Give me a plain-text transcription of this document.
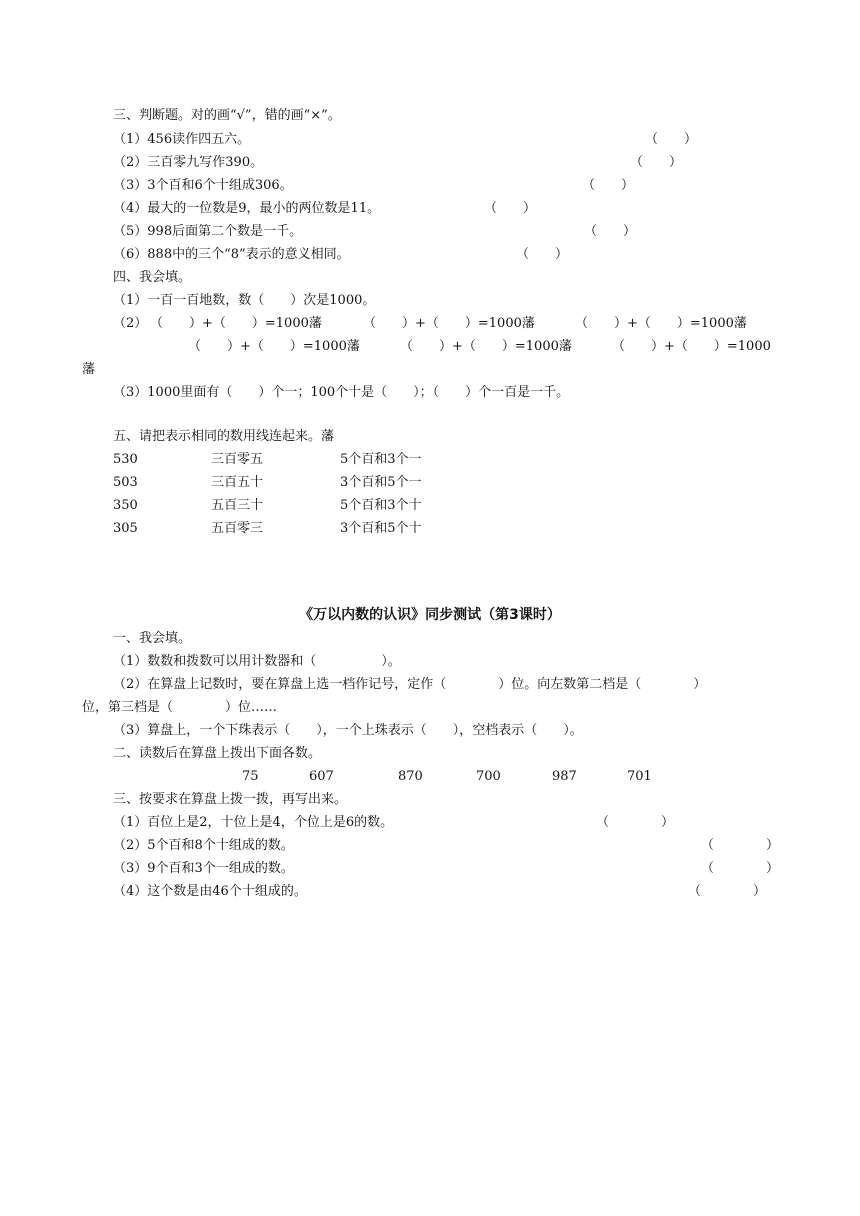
三、判断题。对的画“√”，错的画“×”。
（1）456读作四五六。	（　　）
（2）三百零九写作390。	（　　）
（3）3个百和6个十组成306。	（　　）
（4）最大的一位数是9，最小的两位数是11。	（　　）
（5）998后面第二个数是一千。	（　　）
（6）888中的三个“8”表示的意义相同。	（　　）
四、我会填。
（1）一百一百地数，数（　　）次是1000。
（2） （　　）+（　　）=1000藩	（　　）+（　　）=1000藩	（　　）+（　　）=1000藩
（　　）+（　　）=1000藩	（　　）+（　　）=1000藩	（　　）+（　　）=1000
藩
（3）1000里面有（　　）个一；100个十是（　　）；（　　）个一百是一千。
五、请把表示相同的数用线连起来。藩
530	三百零五	5个百和3个一
503	三百五十	3个百和5个一
350	五百三十	5个百和3个十
305	五百零三	3个百和5个十
《万以内数的认识》同步测试（第3课时）
一、我会填。
（1）数数和拨数可以用计数器和（　　　　　）。
（2）在算盘上记数时，要在算盘上选一档作记号，定作（　　　　）位。向左数第二档是（　　　　）
位，第三档是（　　　　）位……
（3）算盘上，一个下珠表示（　　），一个上珠表示（　　），空档表示（　　）。
二、读数后在算盘上拨出下面各数。
75	607	870	700	987	701
三、按要求在算盘上拨一拨，再写出来。
（1）百位上是2，十位上是4，个位上是6的数。	（　　　　）
（2）5个百和8个十组成的数。	（　　　　）
（3）9个百和3个一组成的数。	（　　　　）
（4）这个数是由46个十组成的。	（　　　　）
